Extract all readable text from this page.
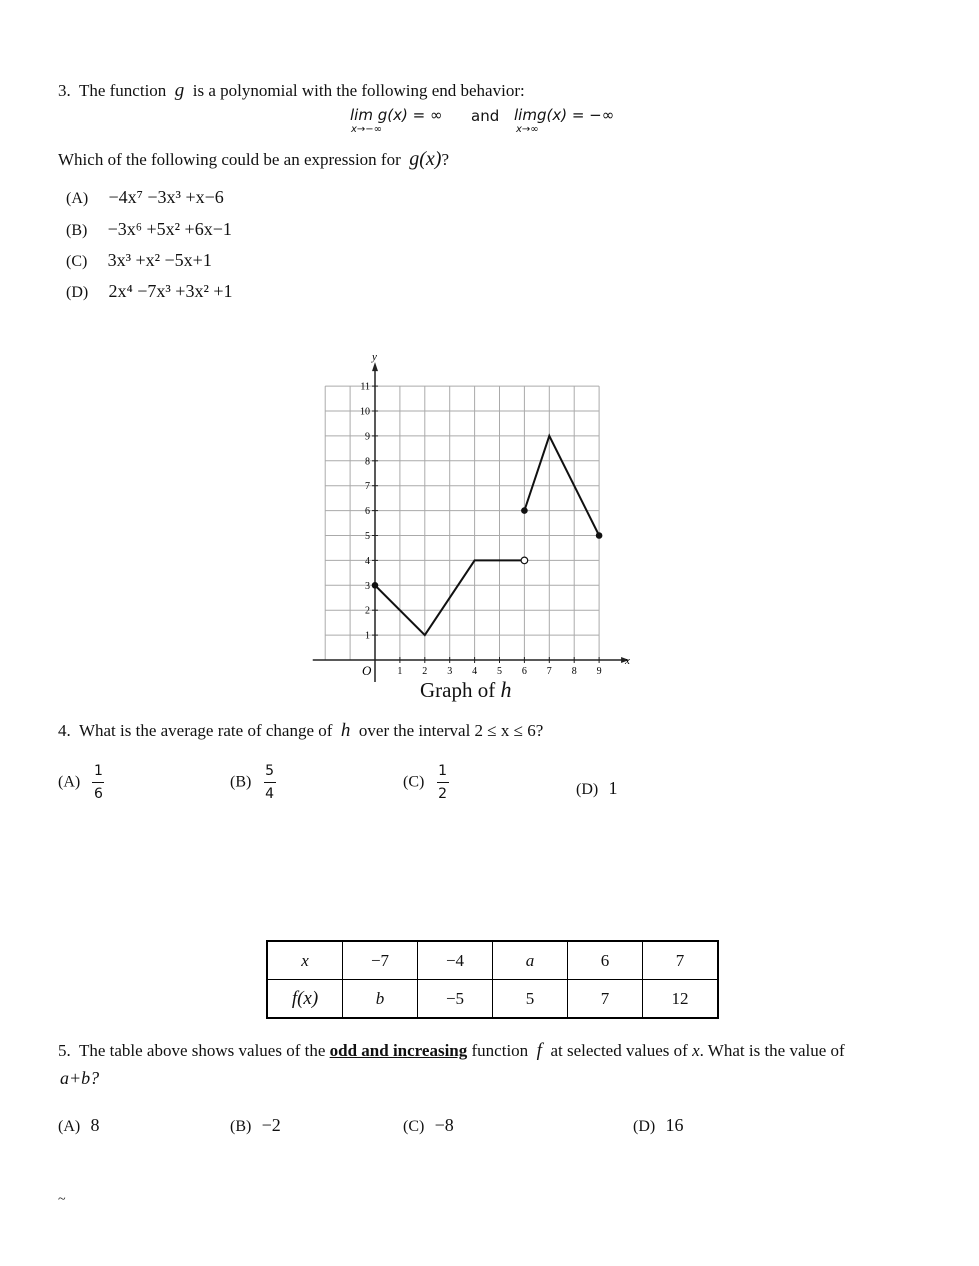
3. The function g is a polynomial with the following end behavior:
lim g(x) = ∞
x→−∞
and limg(x) = −∞
x→∞
Which of the following could be an expression for g(x)?
(A) −4x⁷ −3x³ +x−6
(B) −3x⁶ +5x² +6x−1
(C) 3x³ +x² −5x+1
(D) 2x⁴ −7x³ +3x² +1
1 2 3 4 5 6 7 8 9
1
2
3
4
5
6
7
8
9
10
11
y
x
O
Graph of h
4. What is the average rate of change of h over the interval 2 ≤ x ≤ 6?
$(A) \frac{1}{6}$	$(B) \frac{5}{4}$	$(C) \frac{1}{2}$	(D) 1
x	−7	−4	a	6	7
f(x)	b	−5	5	7	12
5. The table above shows values of the odd and increasing function f at selected values of x. What is the value of
a+b?
(A) 8	(B) −2	(C) −8	(D) 16
~
